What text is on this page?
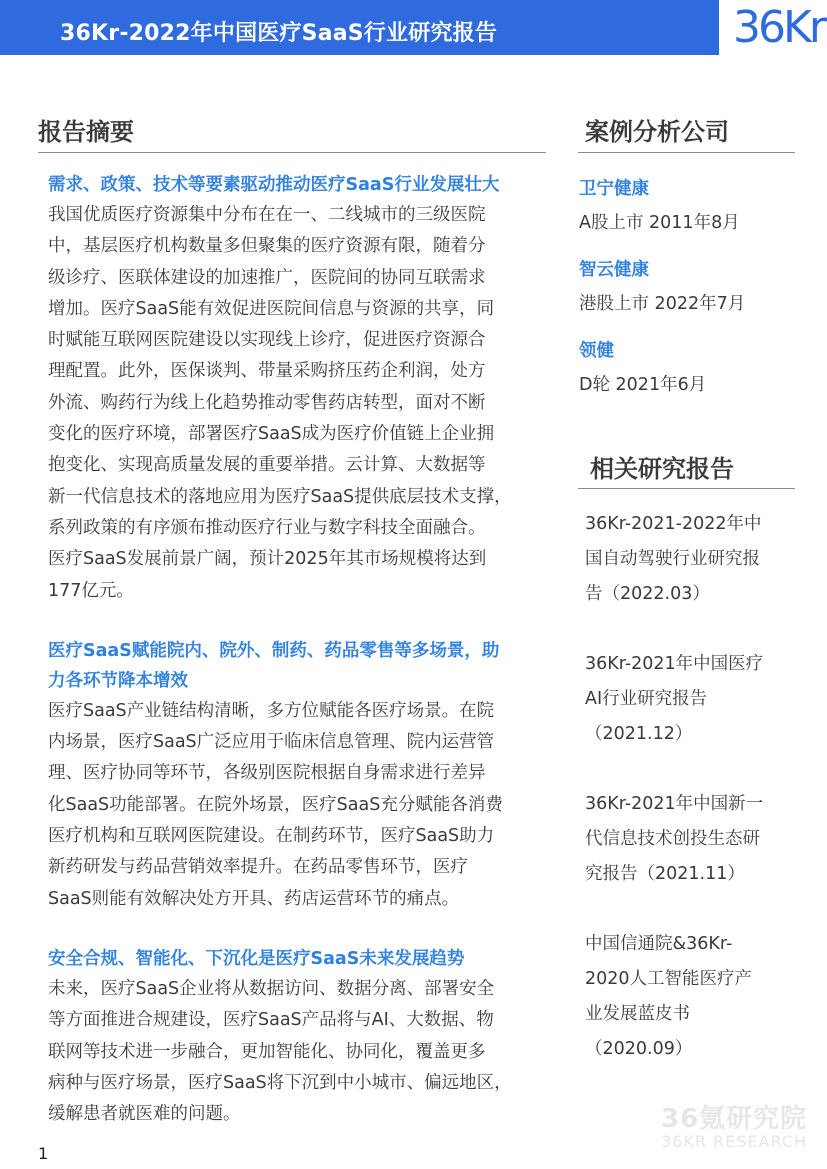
36Kr-2022年中国医疗SaaS行业研究报告	36Kr
报告摘要
需求、政策、技术等要素驱动推动医疗SaaS行业发展壮大
我国优质医疗资源集中分布在在一、二线城市的三级医院
中，基层医疗机构数量多但聚集的医疗资源有限，随着分
级诊疗、医联体建设的加速推广，医院间的协同互联需求
增加。医疗SaaS能有效促进医院间信息与资源的共享，同
时赋能互联网医院建设以实现线上诊疗，促进医疗资源合
理配置。此外，医保谈判、带量采购挤压药企利润，处方
外流、购药行为线上化趋势推动零售药店转型，面对不断
变化的医疗环境，部署医疗SaaS成为医疗价值链上企业拥
抱变化、实现高质量发展的重要举措。云计算、大数据等
新一代信息技术的落地应用为医疗SaaS提供底层技术支撑，
系列政策的有序颁布推动医疗行业与数字科技全面融合。
医疗SaaS发展前景广阔，预计2025年其市场规模将达到
177亿元。
医疗SaaS赋能院内、院外、制药、药品零售等多场景，助
力各环节降本增效
医疗SaaS产业链结构清晰，多方位赋能各医疗场景。在院
内场景，医疗SaaS广泛应用于临床信息管理、院内运营管
理、医疗协同等环节，各级别医院根据自身需求进行差异
化SaaS功能部署。在院外场景，医疗SaaS充分赋能各消费
医疗机构和互联网医院建设。在制药环节，医疗SaaS助力
新药研发与药品营销效率提升。在药品零售环节，医疗
SaaS则能有效解决处方开具、药店运营环节的痛点。
安全合规、智能化、下沉化是医疗SaaS未来发展趋势
未来，医疗SaaS企业将从数据访问、数据分离、部署安全
等方面推进合规建设，医疗SaaS产品将与AI、大数据、物
联网等技术进一步融合，更加智能化、协同化，覆盖更多
病种与医疗场景，医疗SaaS将下沉到中小城市、偏远地区，
缓解患者就医难的问题。
案例分析公司
卫宁健康
A股上市 2011年8月
智云健康
港股上市 2022年7月
领健
D轮 2021年6月
相关研究报告
36Kr-2021-2022年中
国自动驾驶行业研究报
告（2022.03）
36Kr-2021年中国医疗
AI行业研究报告
（2021.12）
36Kr-2021年中国新一
代信息技术创投生态研
究报告（2021.11）
中国信通院&36Kr-
2020人工智能医疗产
业发展蓝皮书
（2020.09）
36氪研究院
36KR RESEARCH
1
